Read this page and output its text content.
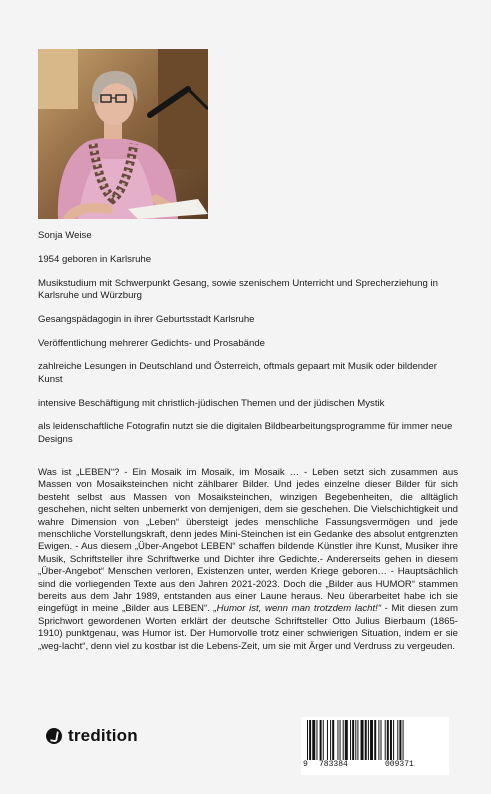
Sonja Weise

1954 geboren in Karlsruhe

Musikstudium mit Schwerpunkt Gesang, sowie szenischem Unterricht und Sprecherziehung in Karlsruhe und Würzburg

Gesangspädagogin in ihrer Geburtsstadt Karlsruhe

Veröffentlichung mehrerer Gedichts- und Prosabände

zahlreiche Lesungen in Deutschland und Österreich, oftmals gepaart mit Musik oder bildender Kunst

intensive Beschäftigung mit christlich-jüdischen Themen und der jüdischen Mystik

als leidenschaftliche Fotografin nutzt sie die digitalen Bildbearbeitungsprogramme für immer neue Designs

Was ist „LEBEN“? - Ein Mosaik im Mosaik, im Mosaik … - Leben setzt sich zusammen aus Massen von Mosaiksteinchen nicht zählbarer Bilder. Und jedes einzelne dieser Bilder für sich besteht selbst aus Massen von Mosaiksteinchen, winzigen Begebenheiten, die alltäglich geschehen, nicht selten unbemerkt von demjenigen, dem sie geschehen. Die Vielschichtigkeit und wahre Dimension von „Leben“ übersteigt jedes menschliche Fassungsvermögen und jede menschliche Vorstellungskraft, denn jedes Mini-Steinchen ist ein Gedanke des absolut entgrenzten Ewigen. - Aus diesem „Über-Angebot LEBEN“ schaffen bildende Künstler ihre Kunst, Musiker ihre Musik, Schriftsteller ihre Schriftwerke und Dichter ihre Gedichte.- Andererseits gehen in diesem „Über-Angebot“ Menschen verloren, Existenzen unter, werden Kriege geboren… - Hauptsächlich sind die vorliegenden Texte aus den Jahren 2021-2023. Doch die „Bilder aus HUMOR“ stammen bereits aus dem Jahr 1989, entstanden aus einer Laune heraus. Neu überarbeitet habe ich sie eingefügt in meine „Bilder aus LEBEN“. „Humor ist, wenn man trotzdem lacht!“ - Mit diesen zum Sprichwort gewordenen Worten erklärt der deutsche Schriftsteller Otto Julius Bierbaum (1865-1910) punktgenau, was Humor ist. Der Humorvolle trotz einer schwierigen Situation, indem er sie „weg-lacht“, denn viel zu kostbar ist die Lebens-Zeit, um sie mit Ärger und Verdruss zu vergeuden.
tredition
9 783384	009371
